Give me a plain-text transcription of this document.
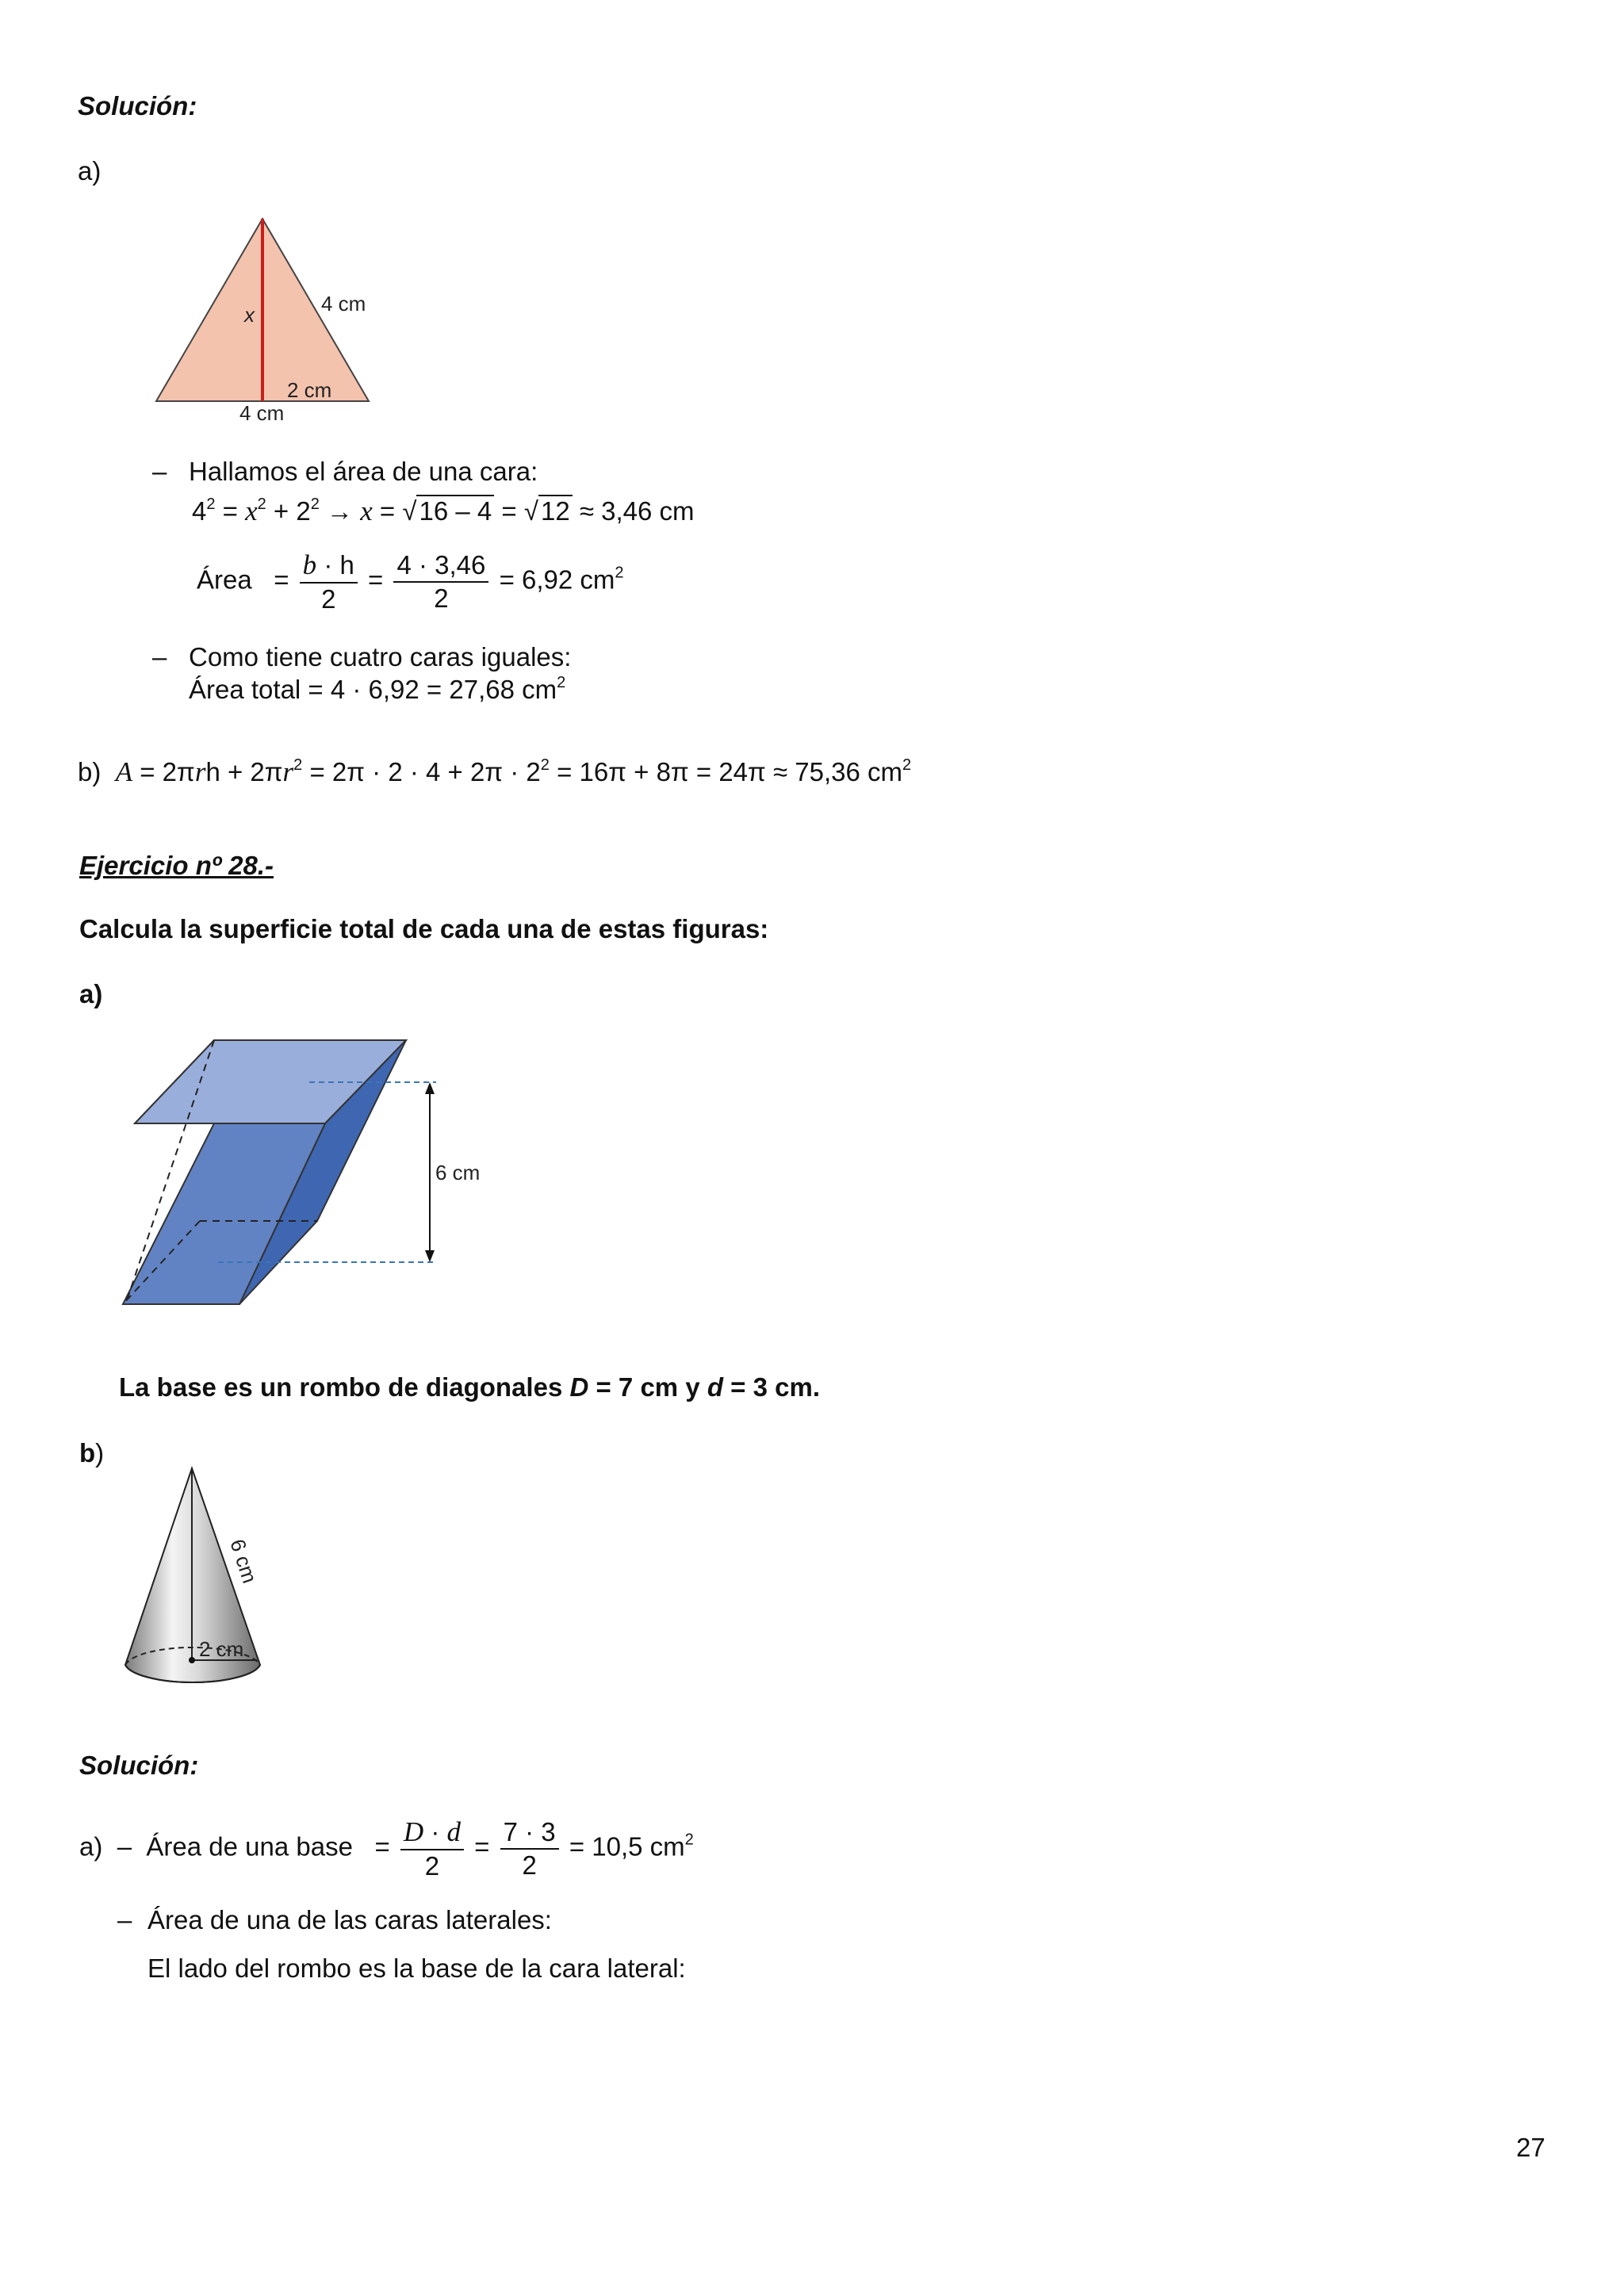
Solución:
a)
x	4 cm
2 cm
4 cm
– Hallamos el área de una cara:
$4^2 = x^2 + 2^2 \to x = √16 - 4 = √12 \approx 3,46$ cm
Área   = $\frac{b \cdot h}{2} = \frac{4 \cdot 3,46}{2} = 6,92$ $cm^2$
– Como tiene cuatro caras iguales:
Área total = 4 · 6,92 = 27,68 $cm^2$
b) $A = 2\pi rh + 2\pi r^2 = 2\pi \cdot 2 \cdot 4 + 2\pi \cdot 2^2 = 16\pi + 8\pi = 24\pi \approx 75,36$ $cm^2$
Ejercicio nº 28.-
Calcula la superficie total de cada una de estas figuras:
a)
6 cm
La base es un rombo de diagonales D = 7 cm y d = 3 cm.
b)
6 cm
2 cm
Solución:
a) – Área de una base   = $\frac{D \cdot d}{2} = \frac{7 \cdot 3}{2} = 10,5$ $cm^2$
– Área de una de las caras laterales:
El lado del rombo es la base de la cara lateral:
27
